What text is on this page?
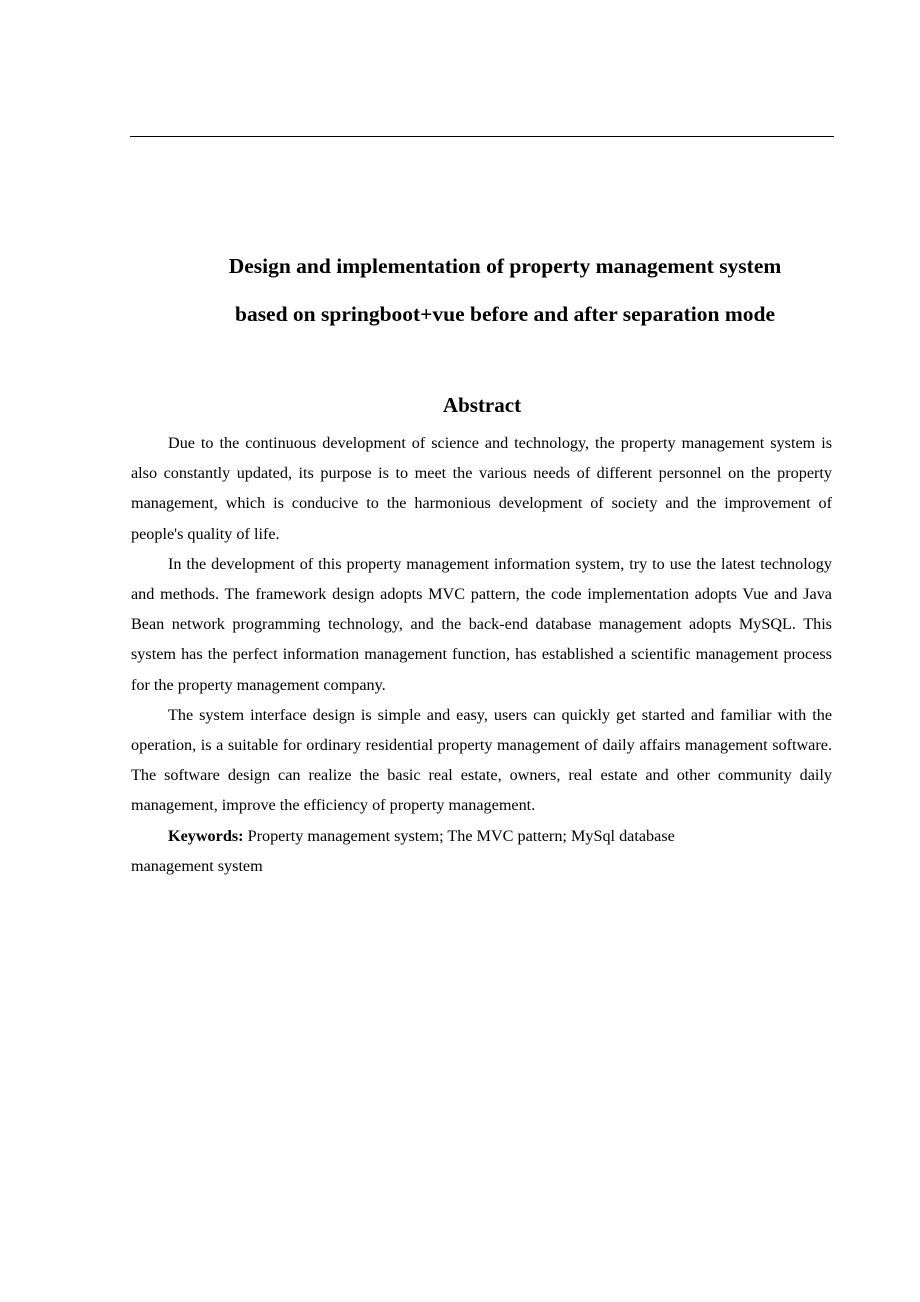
Design and implementation of property management system
based on springboot+vue before and after separation mode
Abstract

Due to the continuous development of science and technology, the property management system is also constantly updated, its purpose is to meet the various needs of different personnel on the property management, which is conducive to the harmonious development of society and the improvement of people's quality of life.

In the development of this property management information system, try to use the latest technology and methods. The framework design adopts MVC pattern, the code implementation adopts Vue and Java Bean network programming technology, and the back-end database management adopts MySQL. This system has the perfect information management function, has established a scientific management process for the property management company.

The system interface design is simple and easy, users can quickly get started and familiar with the operation, is a suitable for ordinary residential property management of daily affairs management software. The software design can realize the basic real estate, owners, real estate and other community daily management, improve the efficiency of property management.

Keywords: Property management system; The MVC pattern; MySql database management system
